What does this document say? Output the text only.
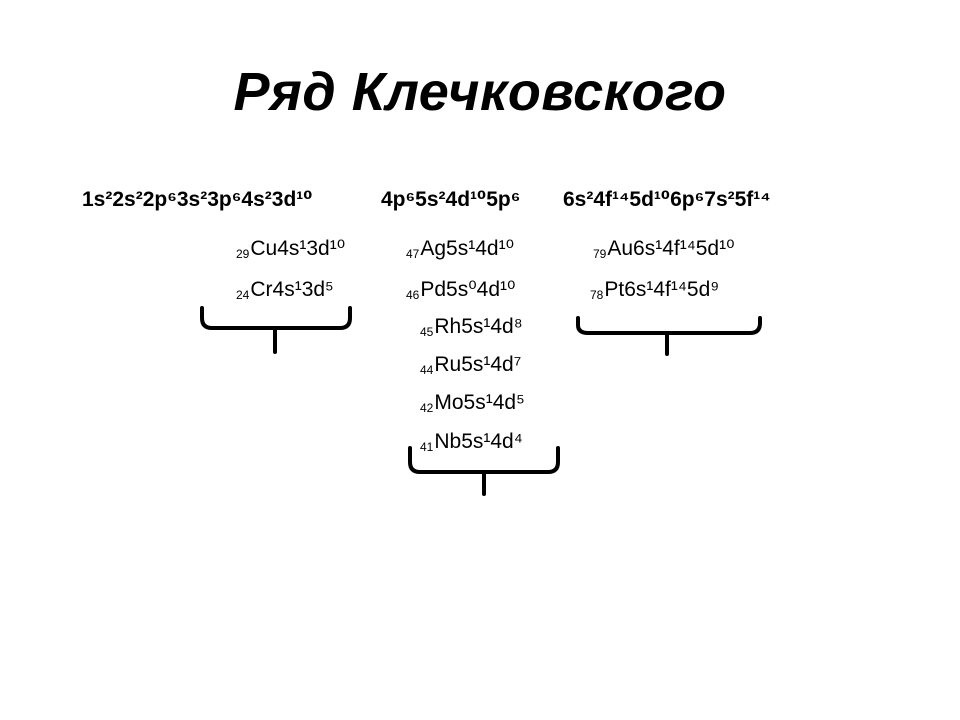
Ряд Клечковского
1s²2s²2p⁶3s²3p⁶4s²3d¹⁰	4p⁶5s²4d¹⁰5p⁶ 6s²4f¹⁴5d¹⁰6p⁶7s²5f¹⁴
29Cu4s¹3d¹⁰
24Cr4s¹3d⁵
47Ag5s¹4d¹⁰
46Pd5s⁰4d¹⁰
45Rh5s¹4d⁸
44Ru5s¹4d⁷
42Mo5s¹4d⁵
41Nb5s¹4d⁴
79Au6s¹4f¹⁴5d¹⁰
78Pt6s¹4f¹⁴5d⁹
